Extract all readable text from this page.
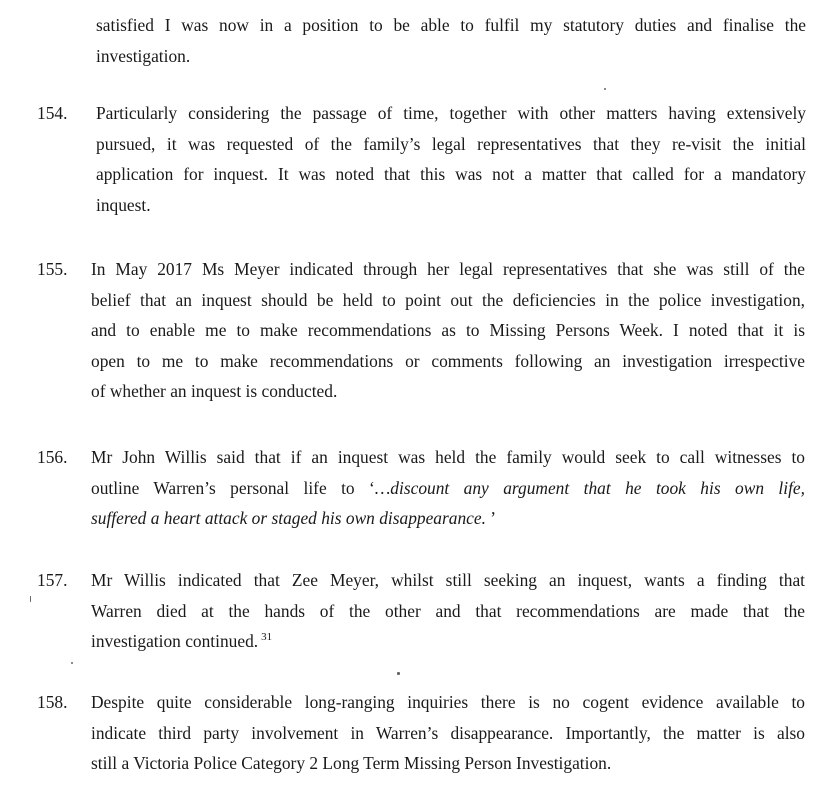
satisfied I was now in a position to be able to fulfil my statutory duties and finalise the
investigation.
154. Particularly considering the passage of time, together with other matters having extensively
pursued, it was requested of the family’s legal representatives that they re-visit the initial
application for inquest. It was noted that this was not a matter that called for a mandatory
inquest.
155. In May 2017 Ms Meyer indicated through her legal representatives that she was still of the
belief that an inquest should be held to point out the deficiencies in the police investigation,
and to enable me to make recommendations as to Missing Persons Week. I noted that it is
open to me to make recommendations or comments following an investigation irrespective
of whether an inquest is conducted.
156. Mr John Willis said that if an inquest was held the family would seek to call witnesses to
outline Warren’s personal life to ‘…discount any argument that he took his own life,
suffered a heart attack or staged his own disappearance. ’
157. Mr Willis indicated that Zee Meyer, whilst still seeking an inquest, wants a finding that
Warren died at the hands of the other and that recommendations are made that the
investigation continued. $^{31}$
158. Despite quite considerable long-ranging inquiries there is no cogent evidence available to
indicate third party involvement in Warren’s disappearance. Importantly, the matter is also
still a Victoria Police Category 2 Long Term Missing Person Investigation.
